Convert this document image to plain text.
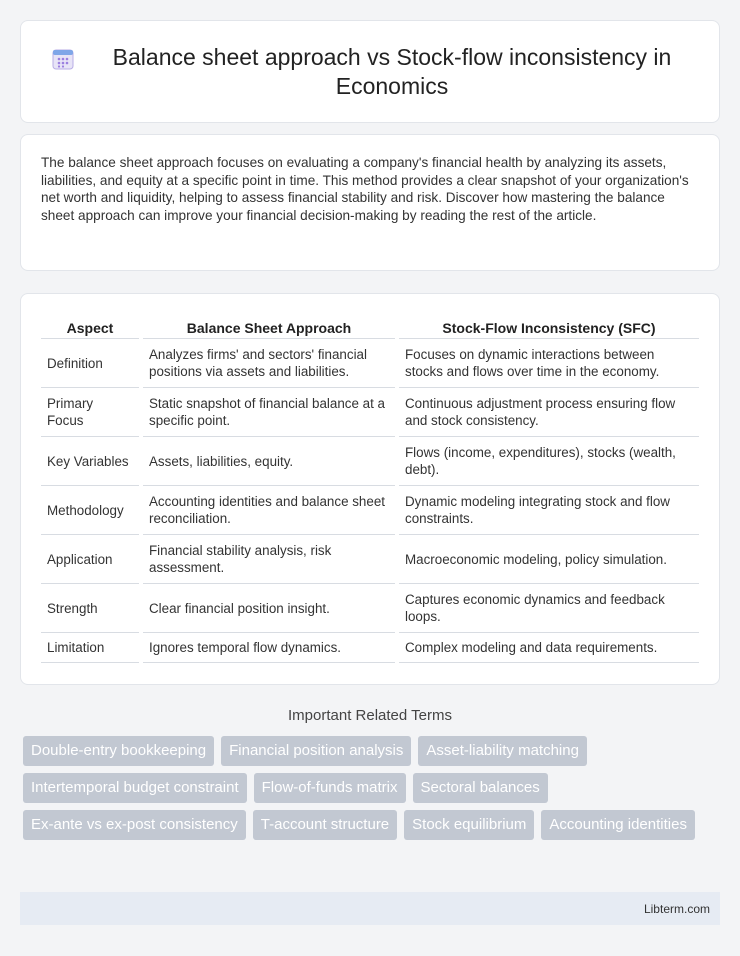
Balance sheet approach vs Stock-flow inconsistency in Economics

The balance sheet approach focuses on evaluating a company's financial health by analyzing its assets, liabilities, and equity at a specific point in time. This method provides a clear snapshot of your organization's net worth and liquidity, helping to assess financial stability and risk. Discover how mastering the balance sheet approach can improve your financial decision-making by reading the rest of the article.

Aspect	Balance Sheet Approach	Stock-Flow Inconsistency (SFC)
Definition	Analyzes firms' and sectors' financial positions via assets and liabilities.	Focuses on dynamic interactions between stocks and flows over time in the economy.
Primary Focus	Static snapshot of financial balance at a specific point.	Continuous adjustment process ensuring flow and stock consistency.
Key Variables	Assets, liabilities, equity.	Flows (income, expenditures), stocks (wealth, debt).
Methodology	Accounting identities and balance sheet reconciliation.	Dynamic modeling integrating stock and flow constraints.
Application	Financial stability analysis, risk assessment.	Macroeconomic modeling, policy simulation.
Strength	Clear financial position insight.	Captures economic dynamics and feedback loops.
Limitation	Ignores temporal flow dynamics.	Complex modeling and data requirements.
Important Related Terms
Double-entry bookkeeping	Financial position analysis	Asset-liability matching
Intertemporal budget constraint	Flow-of-funds matrix	Sectoral balances
Ex-ante vs ex-post consistency	T-account structure	Stock equilibrium	Accounting identities
Libterm.com
